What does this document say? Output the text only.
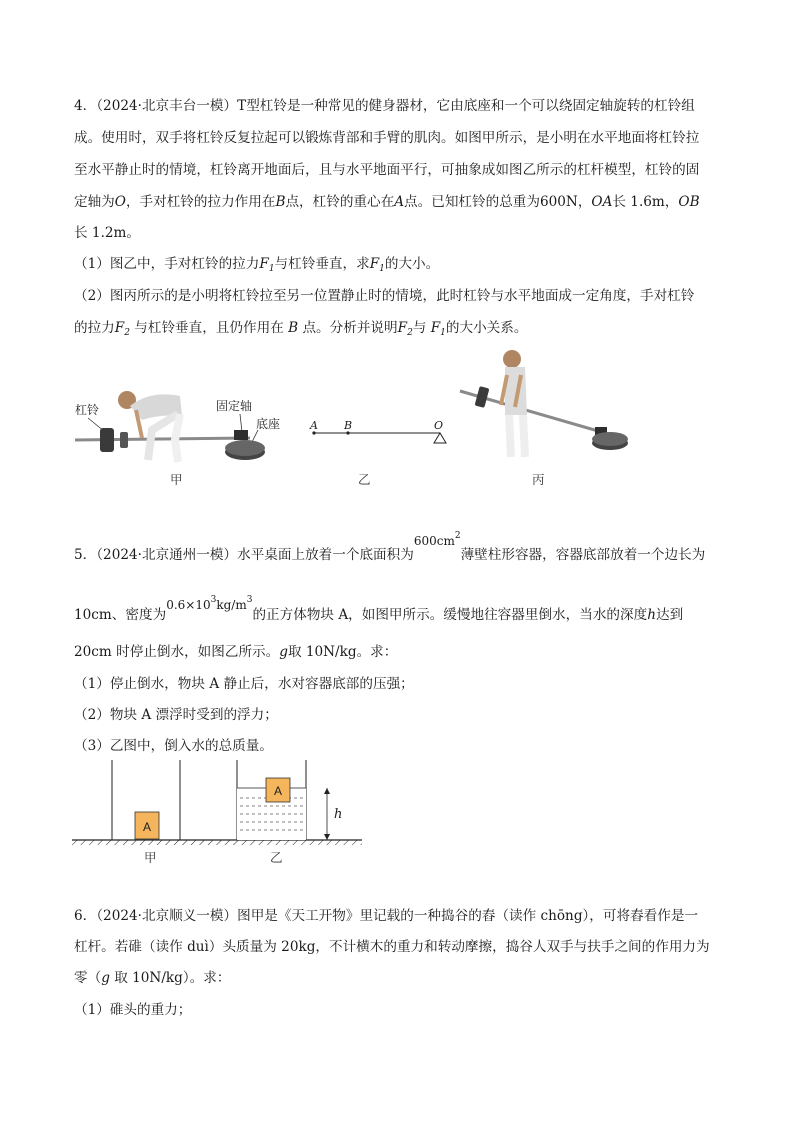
4．（2024·北京丰台一模）T型杠铃是一种常见的健身器材，它由底座和一个可以绕固定轴旋转的杠铃组
成。使用时，双手将杠铃反复拉起可以锻炼背部和手臂的肌肉。如图甲所示，是小明在水平地面将杠铃拉
至水平静止时的情境，杠铃离开地面后，且与水平地面平行，可抽象成如图乙所示的杠杆模型，杠铃的固
定轴为O，手对杠铃的拉力作用在B点，杠铃的重心在A点。已知杠铃的总重为600N，OA长 1.6m，OB
长 1.2m。
（1）图乙中，手对杠铃的拉力$F_1$与杠铃垂直，求$F_1$的大小。
（2）图丙所示的是小明将杠铃拉至另一位置静止时的情境，此时杠铃与水平地面成一定角度，手对杠铃
的拉力$F_2$ 与杠铃垂直，且仍作用在 B 点。分析并说明$F_2$与 $F_1$的大小关系。
杠铃	固定轴
底座
甲
A B	O
乙	丙
5．（2024·北京通州一模）水平桌面上放着一个底面积为$600cm^2$薄壁柱形容器，容器底部放着一个边长为
10cm、密度为$0.6\times 10^3kg/m^3$的正方体物块 A，如图甲所示。缓慢地往容器里倒水，当水的深度h达到
20cm 时停止倒水，如图乙所示。g取 10N/kg。求：
（1）停止倒水，物块 A 静止后，水对容器底部的压强；
（2）物块 A 漂浮时受到的浮力；
（3）乙图中，倒入水的总质量。
A
A
h
甲	乙
6．（2024·北京顺义一模）图甲是《天工开物》里记载的一种捣谷的舂（读作 chōng），可将舂看作是一
杠杆。若碓（读作 duì）头质量为 20kg，不计横木的重力和转动摩擦，捣谷人双手与扶手之间的作用力为
零（g 取 10N/kg）。求：
（1）碓头的重力；
